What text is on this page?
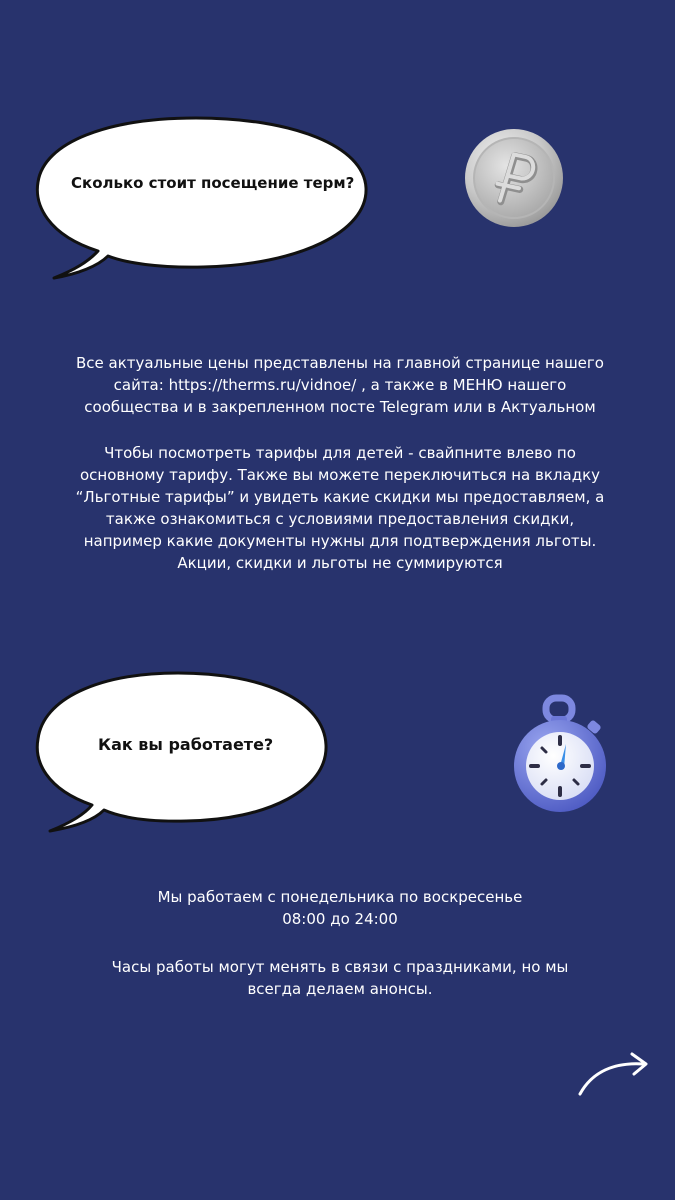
Сколько стоит посещение терм?

Все актуальные цены представлены на главной странице нашего
сайта: https://therms.ru/vidnoe/ , а также в МЕНЮ нашего
сообщества и в закрепленном посте Telegram или в Актуальном

Чтобы посмотреть тарифы для детей - свайпните влево по
основному тарифу. Также вы можете переключиться на вкладку
“Льготные тарифы” и увидеть какие скидки мы предоставляем, а
также ознакомиться с условиями предоставления скидки,
например какие документы нужны для подтверждения льготы.
Акции, скидки и льготы не суммируются

Как вы работаете?

Мы работаем с понедельника по воскресенье
08:00 до 24:00

Часы работы могут менять в связи с праздниками, но мы
всегда делаем анонсы.
